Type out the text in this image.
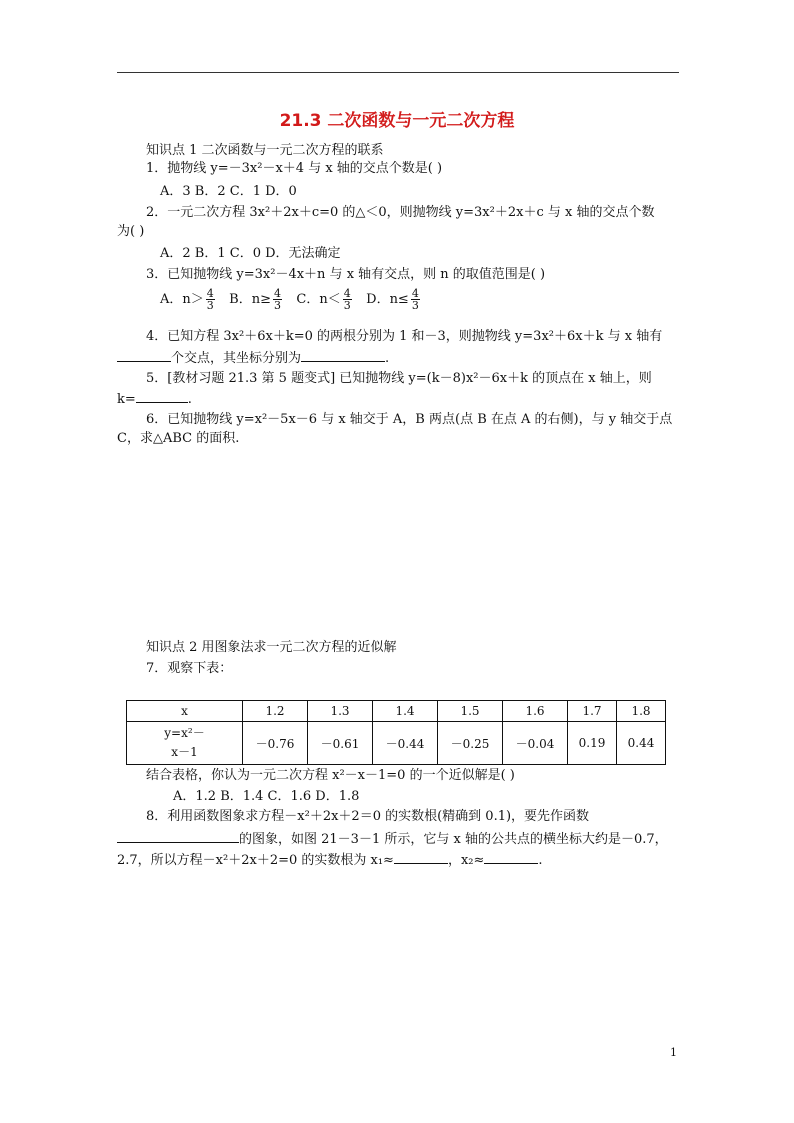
21.3 二次函数与一元二次方程
知识点 1 二次函数与一元二次方程的联系
1．抛物线 y=－3x²－x＋4 与 x 轴的交点个数是( )
A．3 B．2 C．1 D．0
2．一元二次方程 3x²＋2x＋c=0 的△＜0，则抛物线 y=3x²＋2x＋c 与 x 轴的交点个数
为( )
A．2 B．1 C．0 D．无法确定
3．已知抛物线 y=3x²－4x＋n 与 x 轴有交点，则 n 的取值范围是( )
A．$n> \frac{4}{3}$ B．$n\ge \frac{4}{3}$ C．$n< \frac{4}{3}$ D．$n\le \frac{4}{3}$
4．已知方程 3x²＋6x＋k=0 的两根分别为 1 和－3，则抛物线 y=3x²＋6x＋k 与 x 轴有
个交点，其坐标分别为	.
5．[教材习题 21.3 第 5 题变式] 已知抛物线 y=(k－8)x²－6x＋k 的顶点在 x 轴上，则
k=	.
6．已知抛物线 y=x²－5x－6 与 x 轴交于 A，B 两点(点 B 在点 A 的右侧)，与 y 轴交于点
C，求△ABC 的面积.
知识点 2 用图象法求一元二次方程的近似解
7．观察下表：
x	1.2	1.3	1.4	1.5	1.6	1.7	1.8

y=x²－
x－1	－0.76	－0.61	－0.44	－0.25	－0.04	0.19	0.44
结合表格，你认为一元二次方程 x²－x－1=0 的一个近似解是( )
A．1.2 B．1.4 C．1.6 D．1.8
8．利用函数图象求方程－x²＋2x＋2＝0 的实数根(精确到 0.1)，要先作函数
的图象，如图 21－3－1 所示，它与 x 轴的公共点的横坐标大约是－0.7，
2.7，所以方程－x²＋2x＋2=0 的实数根为 x₁≈	，x₂≈	.
1
